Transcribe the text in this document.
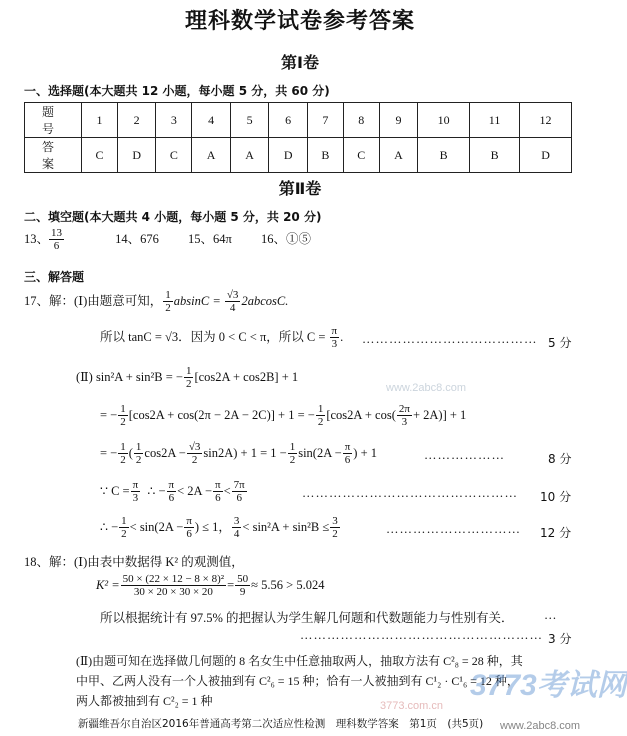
理科数学试卷参考答案
第Ⅰ卷
一、选择题(本大题共 12 小题，每小题 5 分，共 60 分)
题 号	1	2	3	4	5	6	7	8	9	10	11	12
答 案	C	D	C	A	A	D	B	C	A	B	B	D
第Ⅱ卷
二、填空题(本大题共 4 小题，每小题 5 分，共 20 分)
13、 $\frac{13}{6} 14$、676 15、64π 16、①⑤
三、解答题
17、解：(Ⅰ)由题意可知， $\frac{1}{2}$ $absinC = \frac{√3}{4} 2abcosC$.
所以 tanC = √3．因为 0 < C < π，所以 $C = \frac{\pi}{3}$ . ………………………………… 5 分
(Ⅱ) sin²A + sin²B = − $\frac{1}{2} [\cos 2A + \cos 2B] + 1$
www.2abc8.com
= − $\frac{1}{2} [\cos 2A + \cos(2\pi - 2A - 2C)] + 1$ = − $\frac{1}{2} [\cos 2A + \cos( \frac{2\pi}{3} + 2A)] + 1$
= − $\frac{1}{2}$ ( $\frac{1}{2} \cos 2A - \frac{√3}{2} \sin 2A) + 1 = 1 - \frac{1}{2} \sin(2A - \frac{\pi}{6}$ ) + 1	………………	8 分
∵ $C = \frac{\pi}{3}$ ∴ − $\frac{\pi}{6} < 2A - \frac{\pi}{6} < \frac{7\pi}{6}$	………………………………………… 10 分
∴ − $\frac{1}{2} < \sin(2A - \frac{\pi}{6}$ ) ≤ 1， $\frac{3}{4} < \sin^2A + \sin^2B \le \frac{3}{2}$	………………………… 12 分
18、解：(Ⅰ)由表中数据得 K² 的观测值，
$K^2 = \frac{\text{50 × (22 × 12 − 8 × 8)²}}{30 \times 20 \times 30 \times 20} = \frac{50}{9} \approx 5.56 > 5.024$
所以根据统计有 97.5% 的把握认为学生解几何题和代数题能力与性别有关． …
……………………………………………… 3 分
(Ⅱ)由题可知在选择做几何题的 8 名女生中任意抽取两人，抽取方法有 C²₈ = 28 种，其
中甲、乙两人没有一个人被抽到有 C²₆ = 15 种；恰有一人被抽到有 C¹₂ · C¹₆ = 12 种，
两人都被抽到有 C²₂ = 1 种	3773考试网
3773.com.cn
新疆维吾尔自治区2016年普通高考第二次适应性检测　理科数学答案　第1页　(共5页) www.2abc8.com
